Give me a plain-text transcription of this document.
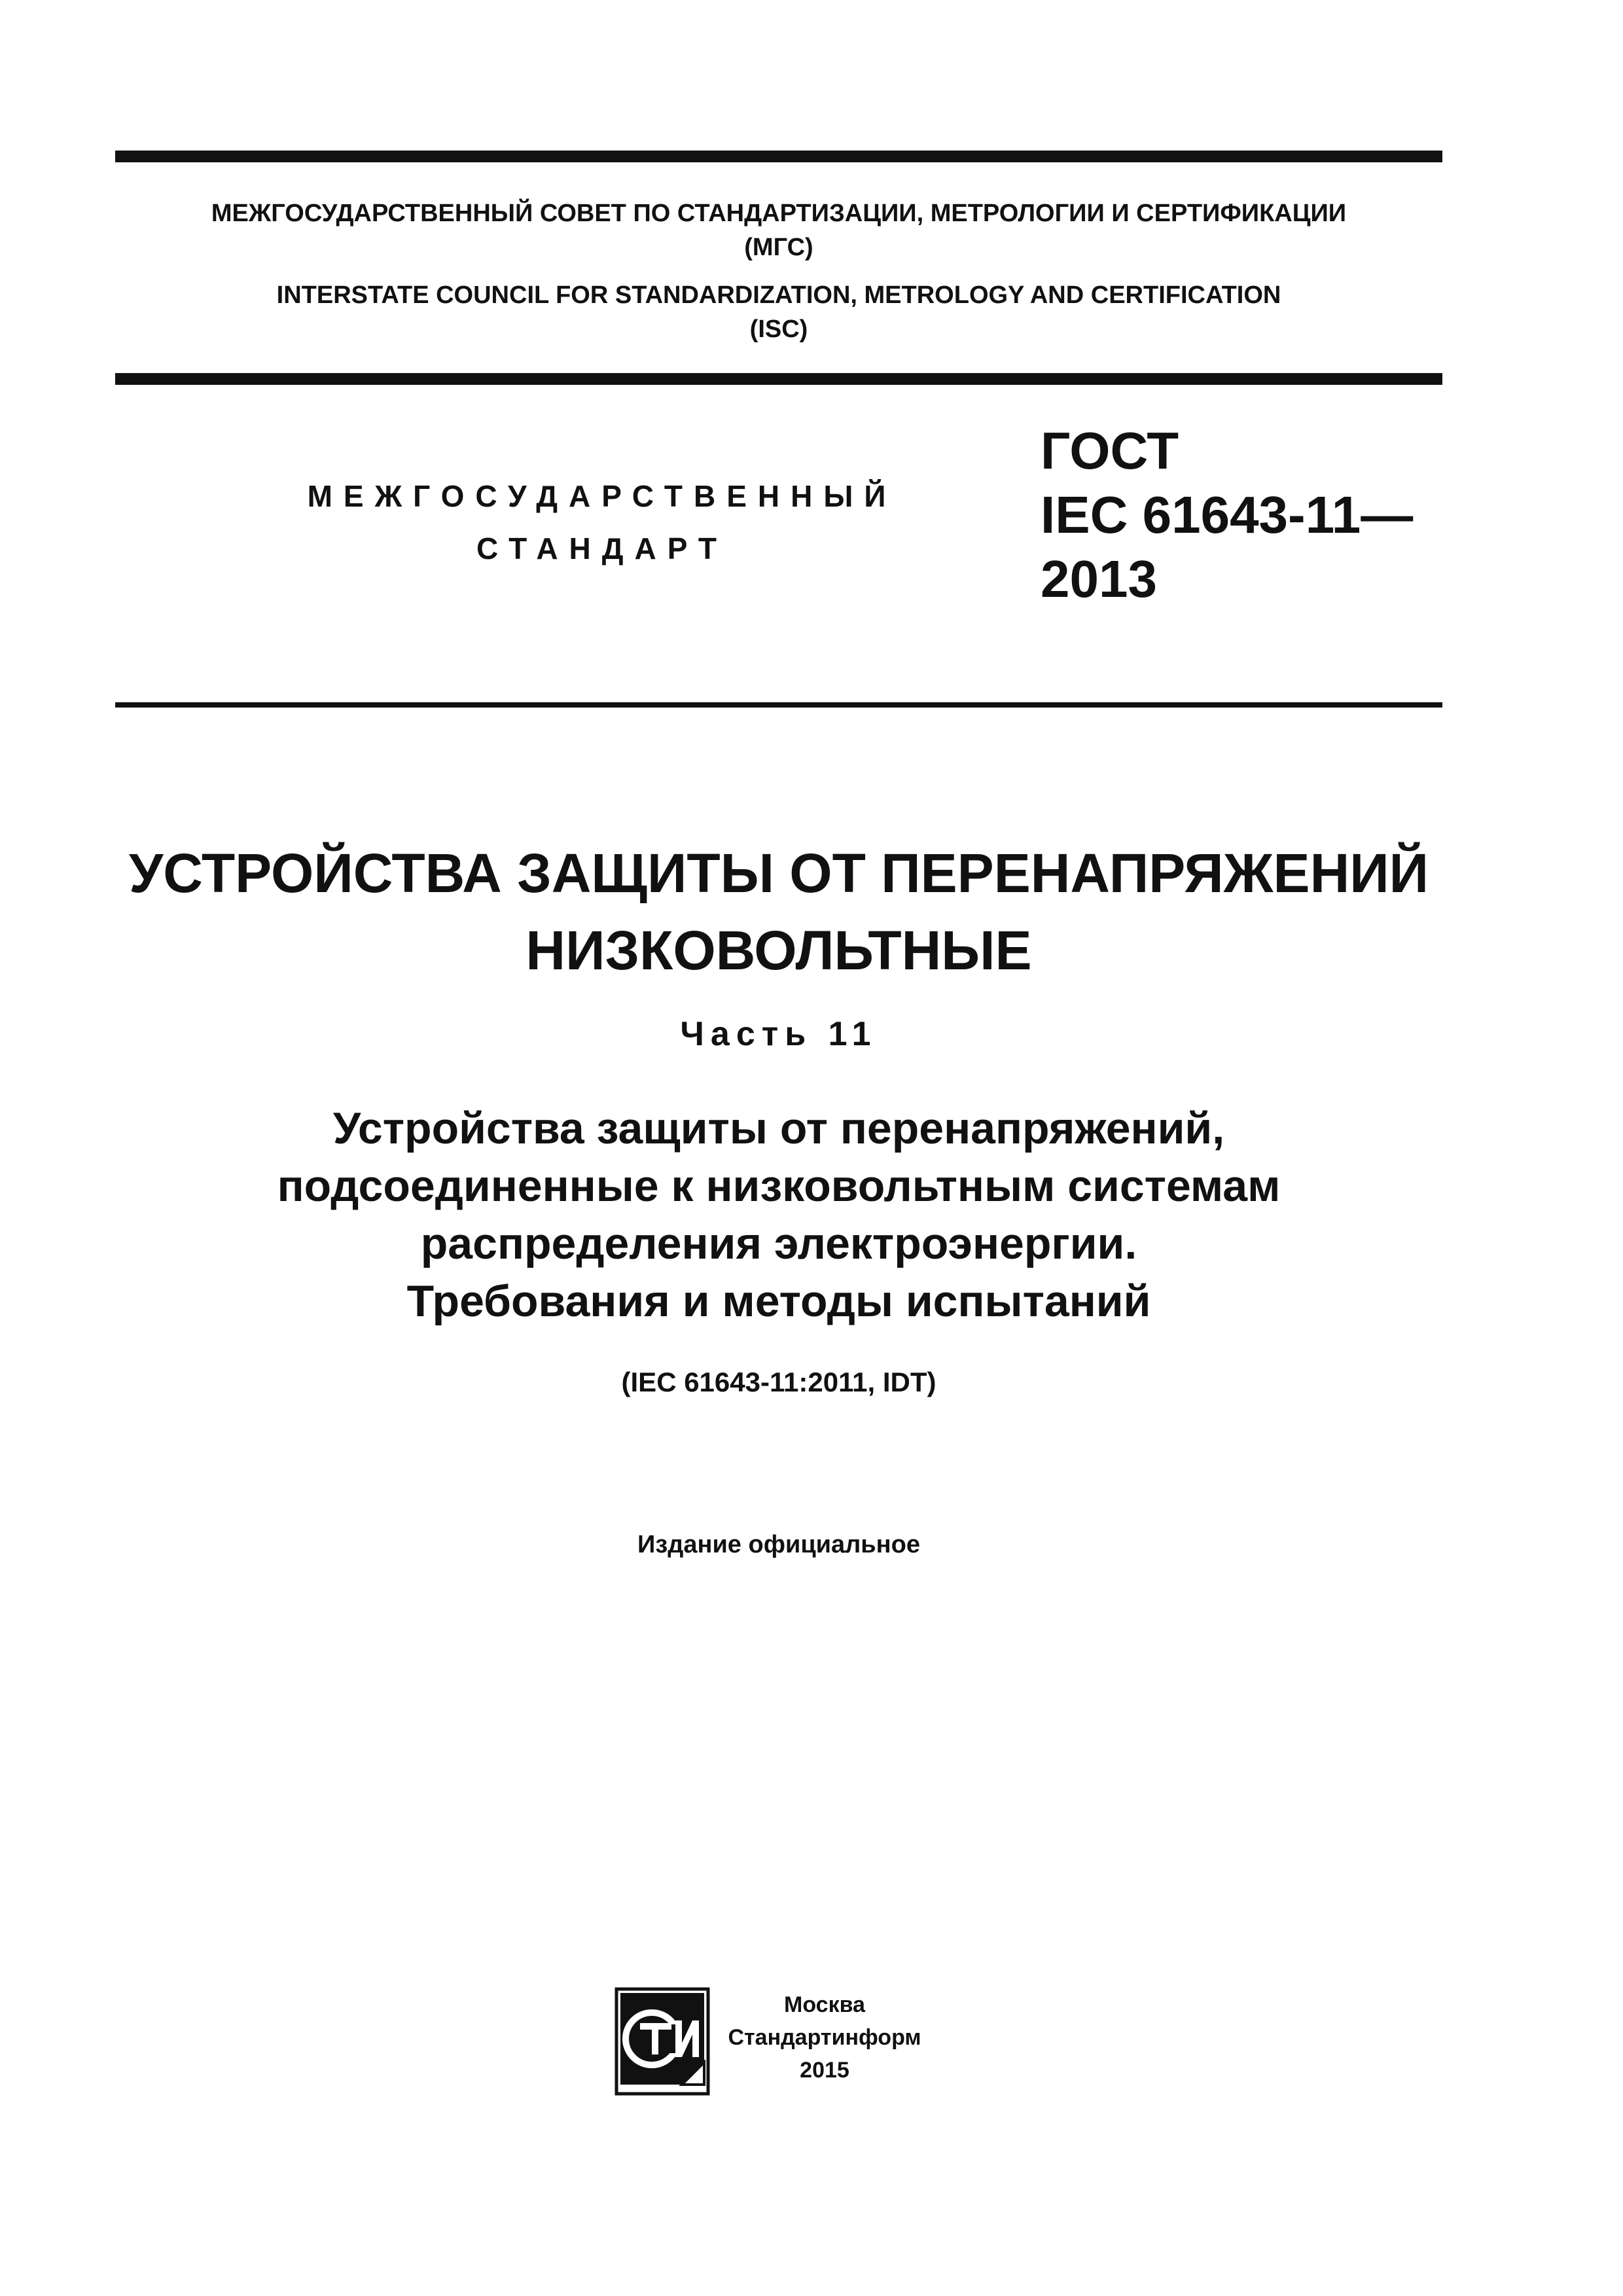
МЕЖГОСУДАРСТВЕННЫЙ СОВЕТ ПО СТАНДАРТИЗАЦИИ, МЕТРОЛОГИИ И СЕРТИФИКАЦИИ
(МГС)
INTERSTATE COUNCIL FOR STANDARDIZATION, METROLOGY AND CERTIFICATION
(ISC)
МЕЖГОСУДАРСТВЕННЫЙ
СТАНДАРТ
ГОСТ
IEC 61643-11—
2013
УСТРОЙСТВА ЗАЩИТЫ ОТ ПЕРЕНАПРЯЖЕНИЙ
НИЗКОВОЛЬТНЫЕ
Часть 11
Устройства защиты от перенапряжений,
подсоединенные к низковольтным системам
распределения электроэнергии.
Требования и методы испытаний
(IEC 61643-11:2011, IDT)
Издание официальное
Москва
Стандартинформ
2015
